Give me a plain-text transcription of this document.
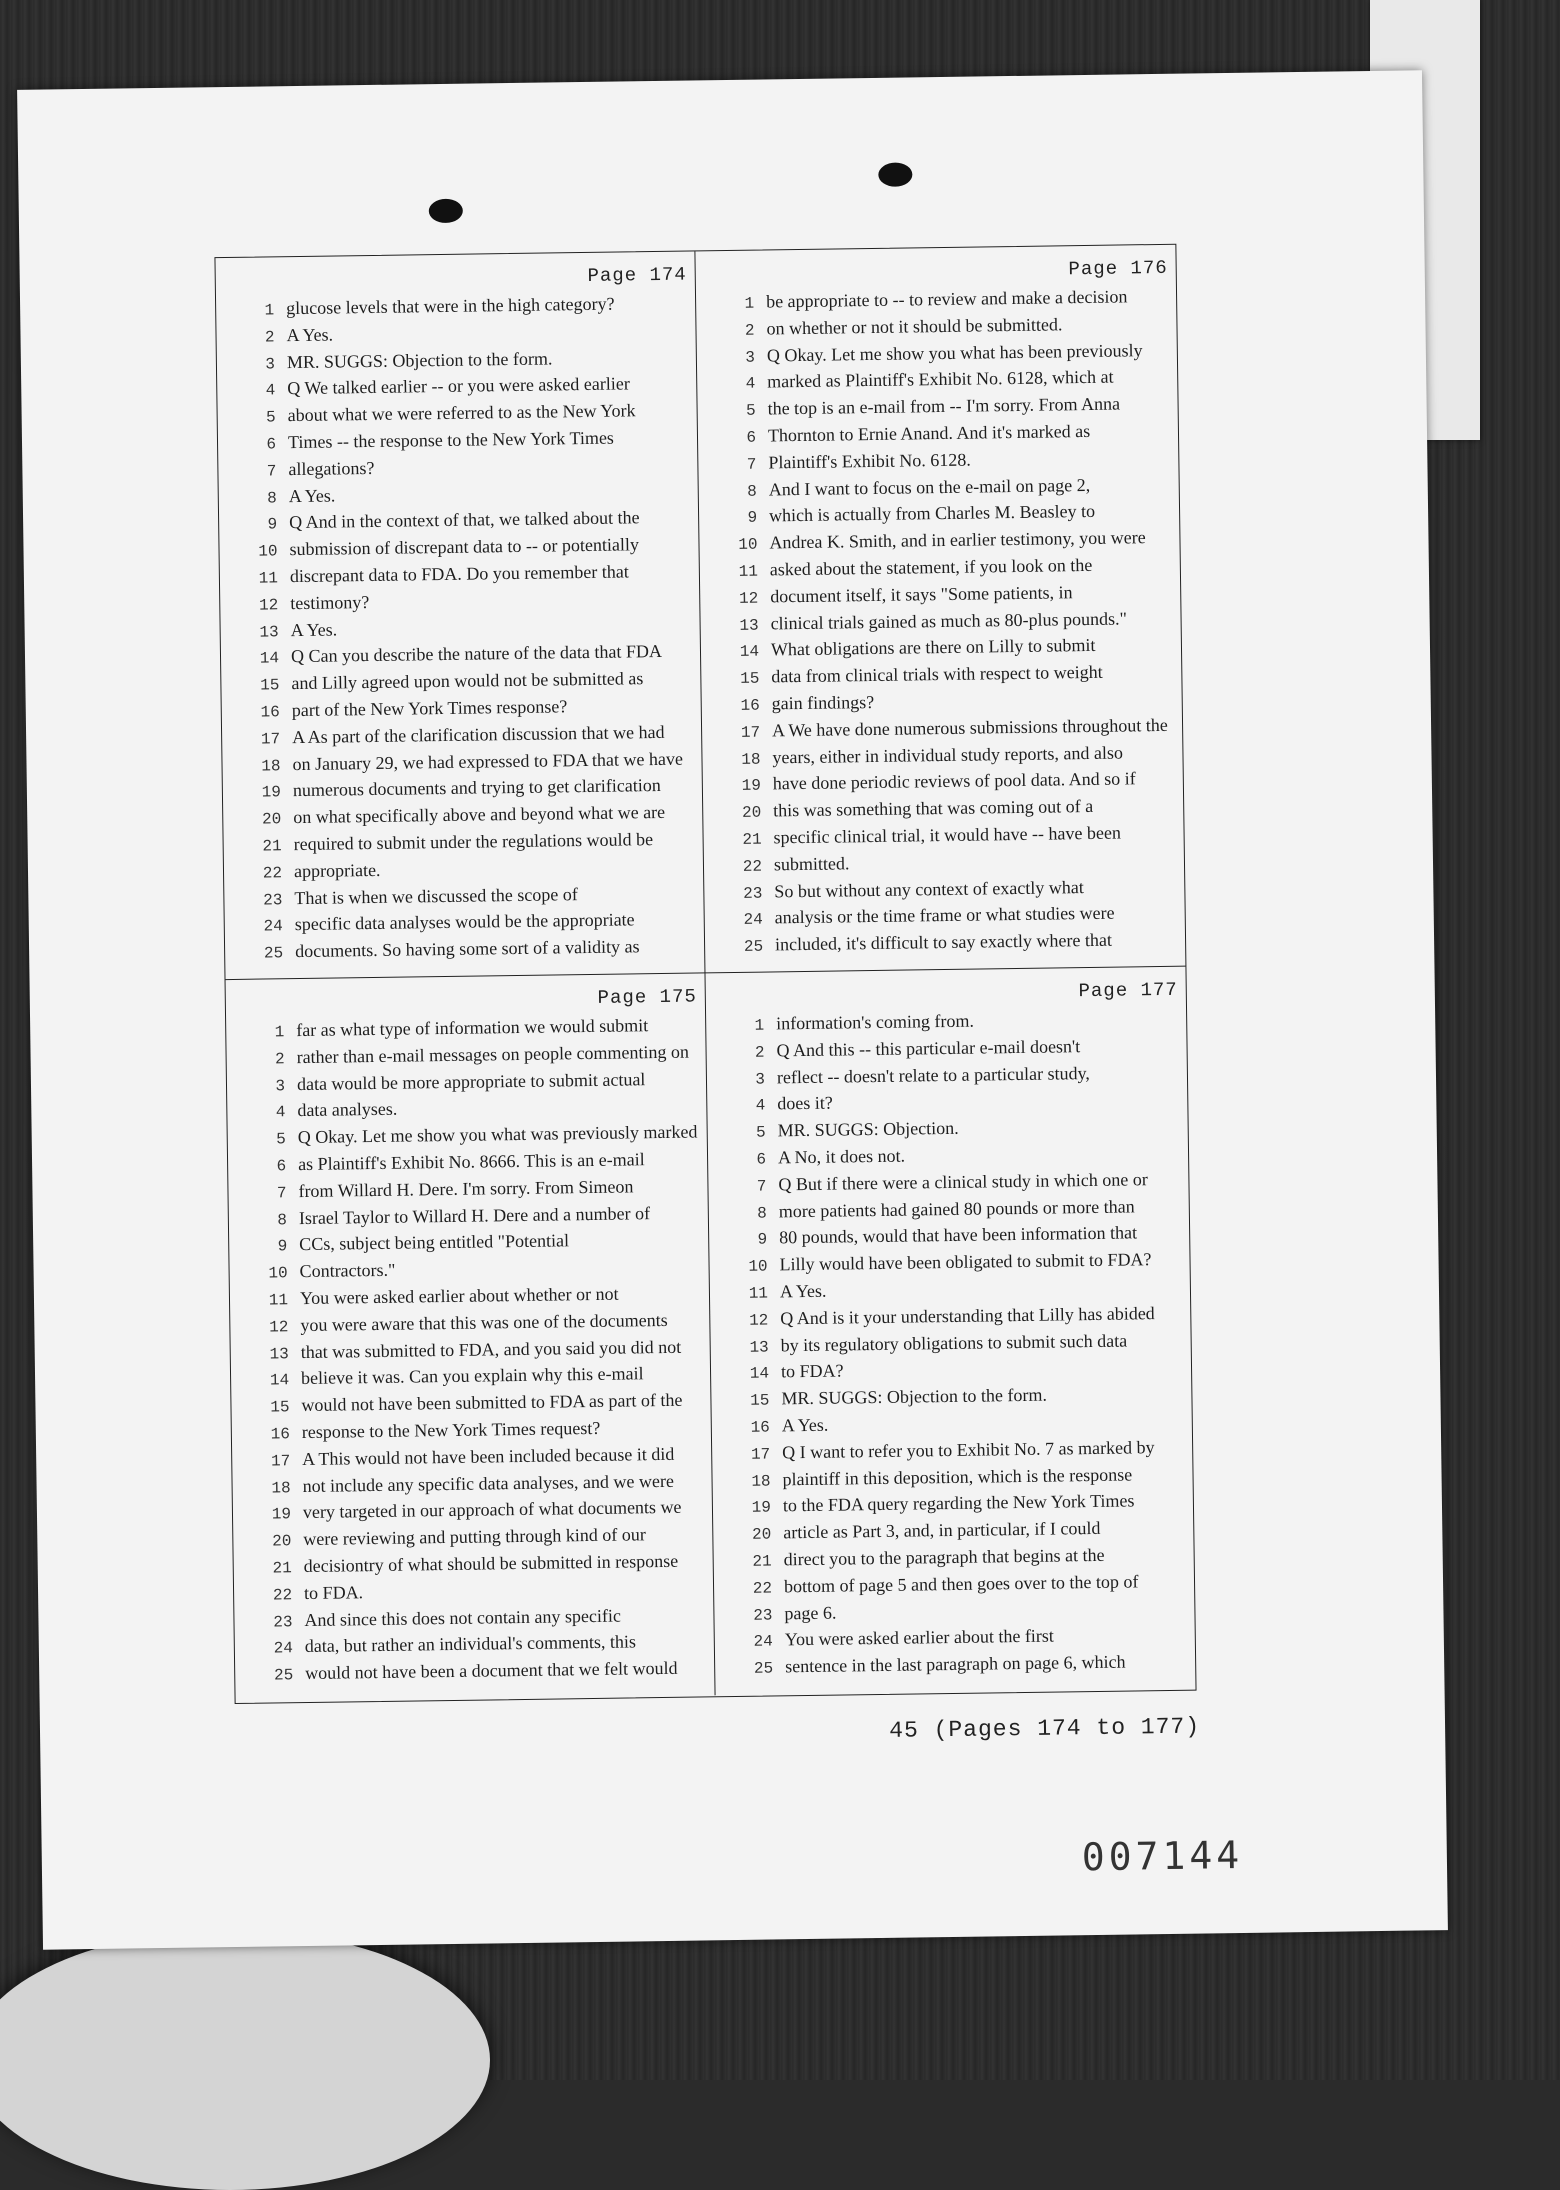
Page 174
1 glucose levels that were in the high category?
2 A Yes.
3 MR. SUGGS: Objection to the form.
4 Q We talked earlier -- or you were asked earlier
5 about what we were referred to as the New York
6 Times -- the response to the New York Times
7 allegations?
8 A Yes.
9 Q And in the context of that, we talked about the
10 submission of discrepant data to -- or potentially
11 discrepant data to FDA. Do you remember that
12 testimony?
13 A Yes.
14 Q Can you describe the nature of the data that FDA
15 and Lilly agreed upon would not be submitted as
16 part of the New York Times response?
17 A As part of the clarification discussion that we had
18 on January 29, we had expressed to FDA that we have
19 numerous documents and trying to get clarification
20 on what specifically above and beyond what we are
21 required to submit under the regulations would be
22 appropriate.
23 That is when we discussed the scope of
24 specific data analyses would be the appropriate
25 documents. So having some sort of a validity as
Page 176
1 be appropriate to -- to review and make a decision
2 on whether or not it should be submitted.
3 Q Okay. Let me show you what has been previously
4 marked as Plaintiff's Exhibit No. 6128, which at
5 the top is an e-mail from -- I'm sorry. From Anna
6 Thornton to Ernie Anand. And it's marked as
7 Plaintiff's Exhibit No. 6128.
8 And I want to focus on the e-mail on page 2,
9 which is actually from Charles M. Beasley to
10 Andrea K. Smith, and in earlier testimony, you were
11 asked about the statement, if you look on the
12 document itself, it says "Some patients, in
13 clinical trials gained as much as 80-plus pounds."
14 What obligations are there on Lilly to submit
15 data from clinical trials with respect to weight
16 gain findings?
17 A We have done numerous submissions throughout the
18 years, either in individual study reports, and also
19 have done periodic reviews of pool data. And so if
20 this was something that was coming out of a
21 specific clinical trial, it would have -- have been
22 submitted.
23 So but without any context of exactly what
24 analysis or the time frame or what studies were
25 included, it's difficult to say exactly where that
Page 175
1 far as what type of information we would submit
2 rather than e-mail messages on people commenting on
3 data would be more appropriate to submit actual
4 data analyses.
5 Q Okay. Let me show you what was previously marked
6 as Plaintiff's Exhibit No. 8666. This is an e-mail
7 from Willard H. Dere. I'm sorry. From Simeon
8 Israel Taylor to Willard H. Dere and a number of
9 CCs, subject being entitled "Potential
10 Contractors."
11 You were asked earlier about whether or not
12 you were aware that this was one of the documents
13 that was submitted to FDA, and you said you did not
14 believe it was. Can you explain why this e-mail
15 would not have been submitted to FDA as part of the
16 response to the New York Times request?
17 A This would not have been included because it did
18 not include any specific data analyses, and we were
19 very targeted in our approach of what documents we
20 were reviewing and putting through kind of our
21 decisiontry of what should be submitted in response
22 to FDA.
23 And since this does not contain any specific
24 data, but rather an individual's comments, this
25 would not have been a document that we felt would
Page 177
1 information's coming from.
2 Q And this -- this particular e-mail doesn't
3 reflect -- doesn't relate to a particular study,
4 does it?
5 MR. SUGGS: Objection.
6 A No, it does not.
7 Q But if there were a clinical study in which one or
8 more patients had gained 80 pounds or more than
9 80 pounds, would that have been information that
10 Lilly would have been obligated to submit to FDA?
11 A Yes.
12 Q And is it your understanding that Lilly has abided
13 by its regulatory obligations to submit such data
14 to FDA?
15 MR. SUGGS: Objection to the form.
16 A Yes.
17 Q I want to refer you to Exhibit No. 7 as marked by
18 plaintiff in this deposition, which is the response
19 to the FDA query regarding the New York Times
20 article as Part 3, and, in particular, if I could
21 direct you to the paragraph that begins at the
22 bottom of page 5 and then goes over to the top of
23 page 6.
24 You were asked earlier about the first
25 sentence in the last paragraph on page 6, which
45 (Pages 174 to 177)
007144
